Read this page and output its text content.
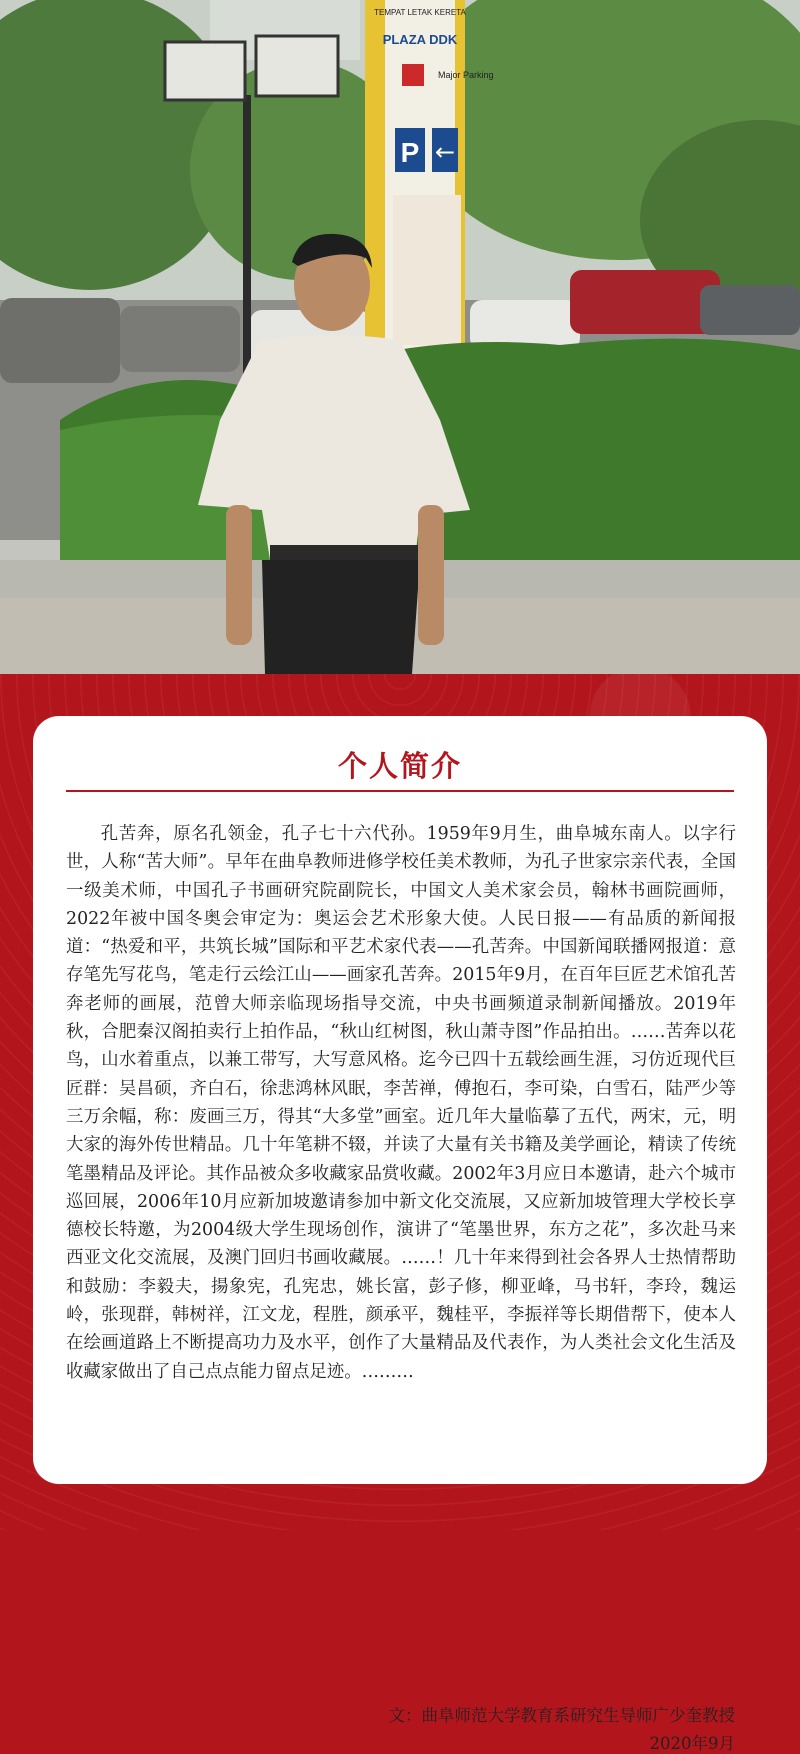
TEMPAT LETAK KERETA
PLAZA DDK
Major Parking
P ←
个人简介

孔苦奔，原名孔领金，孔子七十六代孙。1959年9月生，曲阜城东南人。以字行世，人称“苦大师”。早年在曲阜教师进修学校任美术教师，为孔子世家宗亲代表，全国一级美术师，中国孔子书画研究院副院长，中国文人美术家会员，翰林书画院画师，2022年被中国冬奥会审定为：奥运会艺术形象大使。人民日报——有品质的新闻报道：“热爱和平，共筑长城”国际和平艺术家代表——孔苦奔。中国新闻联播网报道：意存笔先写花鸟，笔走行云绘江山——画家孔苦奔。2015年9月，在百年巨匠艺术馆孔苦奔老师的画展，范曾大师亲临现场指导交流，中央书画频道录制新闻播放。2019年秋，合肥秦汉阁拍卖行上拍作品，“秋山红树图，秋山萧寺图”作品拍出。……苦奔以花鸟，山水着重点，以兼工带写，大写意风格。迄今已四十五载绘画生涯，习仿近现代巨匠群：吴昌硕，齐白石，徐悲鸿林风眠，李苦禅，傅抱石，李可染，白雪石，陆严少等三万余幅，称：废画三万，得其“大多堂”画室。近几年大量临摹了五代，两宋，元，明大家的海外传世精品。几十年笔耕不辍，并读了大量有关书籍及美学画论，精读了传统笔墨精品及评论。其作品被众多收藏家品赏收藏。2002年3月应日本邀请，赴六个城市巡回展，2006年10月应新加坡邀请参加中新文化交流展，又应新加坡管理大学校长享德校长特邀，为2004级大学生现场创作，演讲了“笔墨世界，东方之花”，多次赴马来西亚文化交流展，及澳门回归书画收藏展。……！几十年来得到社会各界人士热情帮助和鼓励：李毅夫，揚象宪，孔宪忠，姚长富，彭子修，柳亚峰，马书轩，李玲，魏运岭，张现群，韩树祥，江文龙，程胜，颜承平，魏桂平，李振祥等长期借帮下，使本人在绘画道路上不断提高功力及水平，创作了大量精品及代表作，为人类社会文化生活及收藏家做出了自己点点能力留点足迹。………

文：曲阜师范大学教育系研究生导师广少奎教授
2020年9月
